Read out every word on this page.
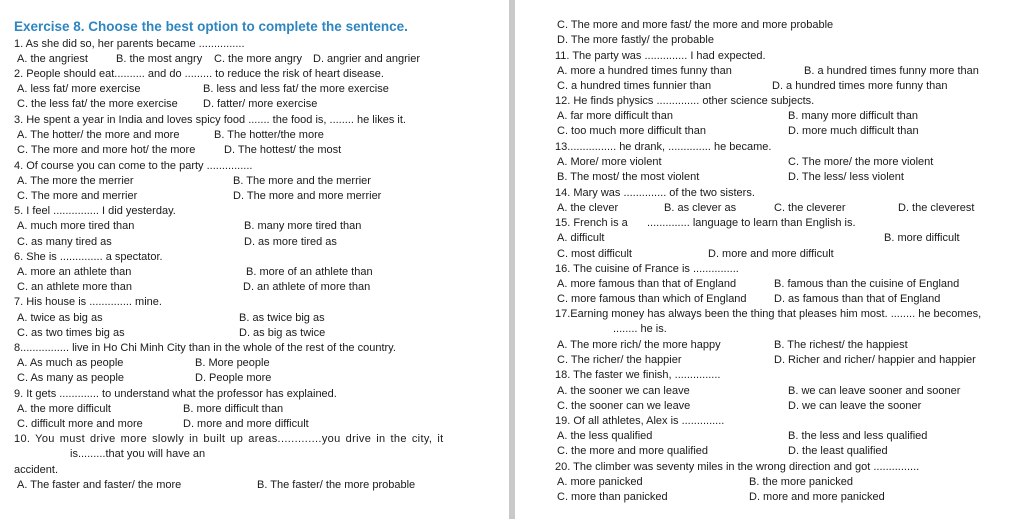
Exercise 8. Choose the best option to complete the sentence.
1. As she did so, her parents became ...............
A. the angriest	B. the most angry C. the more angry D. angrier and angrier
2. People should eat.......... and do ......... to reduce the risk of heart disease.
A. less fat/ more exercise	B. less and less fat/ the more exercise
C. the less fat/ the more exercise D. fatter/ more exercise
3. He spent a year in India and loves spicy food ....... the food is, ........ he likes it.
A. The hotter/ the more and more	B. The hotter/the more
C. The more and more hot/ the more	D. The hottest/ the most
4. Of course you can come to the party ...............
A. The more the merrier	B. The more and the merrier
C. The more and merrier	D. The more and more merrier
5. I feel ............... I did yesterday.
A. much more tired than	B. many more tired than
C. as many tired as	D. as more tired as
6. She is .............. a spectator.
A. more an athlete than	B. more of an athlete than
C. an athlete more than	D. an athlete of more than
7. His house is .............. mine.
A. twice as big as	B. as twice big as
C. as two times big as	D. as big as twice
8................ live in Ho Chi Minh City than in the whole of the rest of the country.
A. As much as people	B. More people
C. As many as people	D. People more
9. It gets ............. to understand what the professor has explained.
A. the more difficult	B. more difficult than
C. difficult more and more	D. more and more difficult
10. You must drive more slowly in built up areas.............you drive in the city, it
is.........that you will have an
accident.
A. The faster and faster/ the more	B. The faster/ the more probable
C. The more and more fast/ the more and more probable
D. The more fastly/ the probable
11. The party was .............. I had expected.
A. more a hundred times funny than	B. a hundred times funny more than
C. a hundred times funnier than	D. a hundred times more funny than
12. He finds physics .............. other science subjects.
A. far more difficult than	B. many more difficult than
C. too much more difficult than	D. more much difficult than
13................ he drank, .............. he became.
A. More/ more violent	C. The more/ the more violent
B. The most/ the most violent	D. The less/ less violent
14. Mary was .............. of the two sisters.
A. the clever	B. as clever as	C. the cleverer	D. the cleverest
15. French is a .............. language to learn than English is.
A. difficult	B. more difficult
C. most difficult	D. more and more difficult
16. The cuisine of France is ...............
A. more famous than that of England	B. famous than the cuisine of England
C. more famous than which of England D. as famous than that of England
17.Earning money has always been the thing that pleases him most. ........ he becomes,
........ he is.
A. The more rich/ the more happy	B. The richest/ the happiest
C. The richer/ the happier	D. Richer and richer/ happier and happier
18. The faster we finish, ...............
A. the sooner we can leave	B. we can leave sooner and sooner
C. the sooner can we leave	D. we can leave the sooner
19. Of all athletes, Alex is ..............
A. the less qualified	B. the less and less qualified
C. the more and more qualified	D. the least qualified
20. The climber was seventy miles in the wrong direction and got ...............
A. more panicked	B. the more panicked
C. more than panicked	D. more and more panicked
